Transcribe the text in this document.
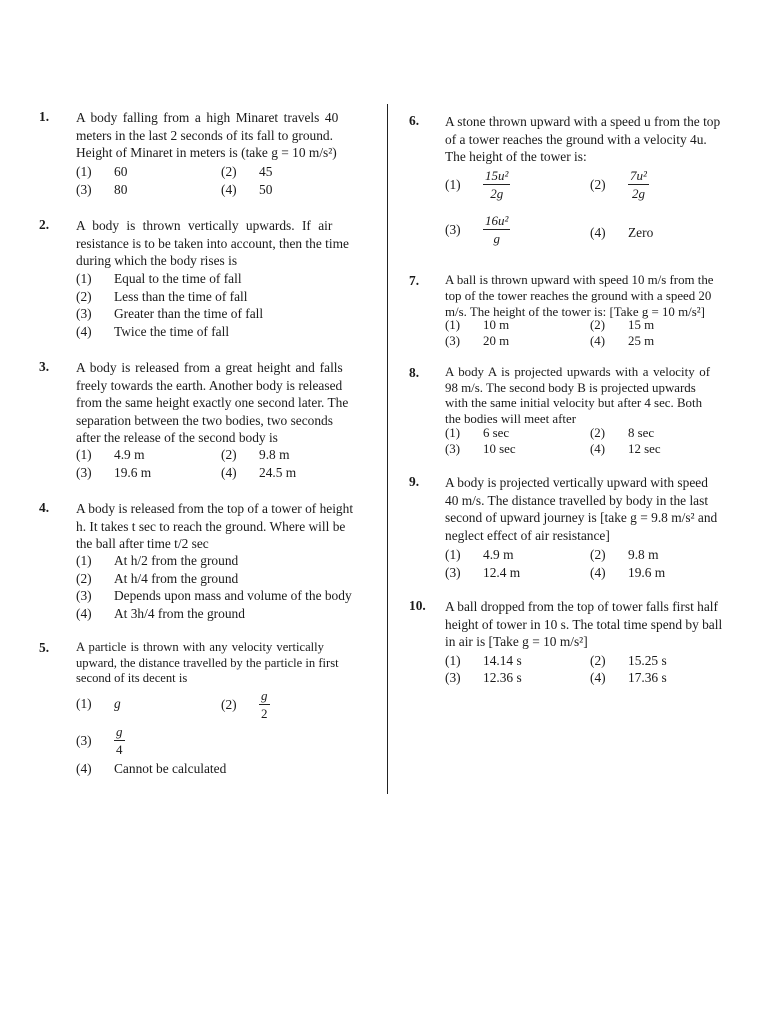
1. A body falling from a high Minaret travels 40
meters in the last 2 seconds of its fall to ground.
Height of Minaret in meters is (take g = 10 m/s²)
(1) 60	(2) 45
(3) 80	(4) 50
2. A body is thrown vertically upwards. If air
resistance is to be taken into account, then the time
during which the body rises is
(1) Equal to the time of fall
(2) Less than the time of fall
(3) Greater than the time of fall
(4) Twice the time of fall
3. A body is released from a great height and falls
freely towards the earth. Another body is released
from the same height exactly one second later. The
separation between the two bodies, two seconds
after the release of the second body is
(1) 4.9 m	(2) 9.8 m
(3) 19.6 m	(4) 24.5 m
4. A body is released from the top of a tower of height
h. It takes t sec to reach the ground. Where will be
the ball after time t/2 sec
(1) At h/2 from the ground
(2) At h/4 from the ground
(3) Depends upon mass and volume of the body
(4) At 3h/4 from the ground
5. A particle is thrown with any velocity vertically
upward, the distance travelled by the particle in first
second of its decent is
(1) g	$(2) \frac{g}{2}$
$(3) \frac{g}{4}$
(4) Cannot be calculated
6. A stone thrown upward with a speed u from the top
of a tower reaches the ground with a velocity 4u.
The height of the tower is:
$(1) \frac{\text{15u²}}{2g}$	$(2) \frac{\text{7u²}}{2g}$
$(3) \frac{\text{16u²}}{g}$	(4) Zero
7. A ball is thrown upward with speed 10 m/s from the
top of the tower reaches the ground with a speed 20
m/s. The height of the tower is: [Take g = 10 m/s²]
(1) 10 m	(2) 15 m
(3) 20 m	(4) 25 m
8. A body A is projected upwards with a velocity of
98 m/s. The second body B is projected upwards
with the same initial velocity but after 4 sec. Both
the bodies will meet after
(1) 6 sec	(2) 8 sec
(3) 10 sec	(4) 12 sec
9. A body is projected vertically upward with speed
40 m/s. The distance travelled by body in the last
second of upward journey is [take g = 9.8 m/s² and
neglect effect of air resistance]
(1) 4.9 m	(2) 9.8 m
(3) 12.4 m	(4) 19.6 m
10. A ball dropped from the top of tower falls first half
height of tower in 10 s. The total time spend by ball
in air is [Take g = 10 m/s²]
(1) 14.14 s	(2) 15.25 s
(3) 12.36 s	(4) 17.36 s
